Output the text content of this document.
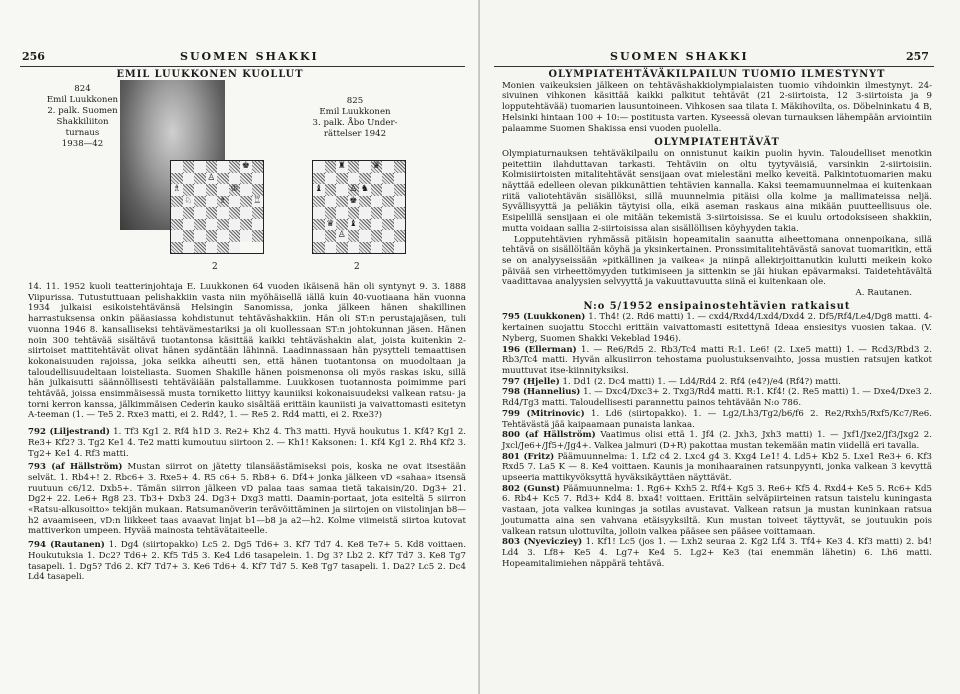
256	SUOMEN SHAKKI
EMIL LUUKKONEN KUOLLUT
824
Emil Luukkonen
2. palk. Suomen
Shakkiliiton turnaus
1938—42
825
Emil Luukkonen
3. palk. Åbo Under-
rättelser 1942
♚
♙
♗	♔
♘	♗	♖
♜	♛
♝	♙ ♞
♚
♛ ♝
♙
2	2

14. 11. 1952 kuoli teatterinjohtaja E. Luukkonen 64 vuoden ikäisenä hän oli syntynyt 9. 3. 1888 Viipurissa. Tutustuttuaan pelishakkiin vasta niin myöhäisellä iällä kuin 40-vuotiaana hän vuonna 1934 julkaisi esikoistehtävänsä Helsingin Sanomissa, jonka jälkeen hänen shakillinen harrastuksensa onkin pääasiassa kohdistunut tehtäväshakkiin. Hän oli ST:n perustajajäsen, tuli vuonna 1946 8. kansalliseksi tehtävämestariksi ja oli kuollessaan ST:n johtokunnan jäsen. Hänen noin 300 tehtävää sisältävä tuotantonsa käsittää kaikki tehtäväshakin alat, joista kuitenkin 2-siirtoiset mattitehtävät olivat hänen sydäntään lähinnä. Laadinnassaan hän pysytteli temaattisen kokonaisuuden rajoissa, joka seikka aiheutti sen, että hänen tuotantonsa on muodoltaan ja taloudellisuudeltaan loisteliasta. Suomen Shakille hänen poismenonsa oli myös raskas isku, sillä hän julkaisutti säännöllisesti tehtäväiään palstallamme. Luukkosen tuotannosta poimimme pari tehtävää, joissa ensimmäisessä musta torniketto liittyy kauniiksi kokonaisuudeksi valkean ratsu- ja torni kerron kanssa, jälkimmäisen Cederin kauko sisältää erittäin kauniisti ja vaivattomasti esitetyn A-teeman (1. — Te5 2. Rxe3 matti, ei 2. Rd4?, 1. — Re5 2. Rd4 matti, ei 2. Rxe3?)

792 (Liljestrand) 1. Tf3 Kg1 2. Rf4 h1D 3. Re2+ Kh2 4. Th3 matti. Hyvä houkutus 1. Kf4? Kg1 2. Re3+ Kf2? 3. Tg2 Ke1 4. Te2 matti kumoutuu siirtoon 2. — Kh1! Kaksonen: 1. Kf4 Kg1 2. Rh4 Kf2 3. Tg2+ Ke1 4. Rf3 matti.

793 (af Hällström) Mustan siirrot on jätetty tilansäästämiseksi pois, koska ne ovat itsestään selvät. 1. Rb4+! 2. Rbc6+ 3. Rxe5+ 4. R5 c6+ 5. Rb8+ 6. Df4+ jonka jälkeen vD «sahaa» itsensä ruutuun c6/12. Dxb5+. Tämän siirron jälkeen vD palaa taas samaa tietä takaisin/20. Dg3+ 21. Dg2+ 22. Le6+ Rg8 23. Tb3+ Dxb3 24. Dg3+ Dxg3 matti. Daamin-portaat, jota esiteltä 5 siirron «Ratsu-alkusoitto» tekijän mukaan. Ratsumanöverin terävöittäminen ja siirtojen on viistolinjan b8—h2 avaamiseen, vD:n liikkeet taas avaavat linjat b1—b8 ja a2—h2. Kolme viimeistä siirtoa kutovat mattiverkon umpeen. Hyvää mainosta tehtävätaiteelle.

794 (Rautanen) 1. Dg4 (siirtopakko) Lc5 2. Dg5 Td6+ 3. Kf7 Td7 4. Ke8 Te7+ 5. Kd8 voittaen. Houkutuksia 1. Dc2? Td6+ 2. Kf5 Td5 3. Ke4 Ld6 tasapelein. 1. Dg 3? Lb2 2. Kf7 Td7 3. Ke8 Tg7 tasapeli. 1. Dg5? Td6 2. Kf7 Td7+ 3. Ke6 Td6+ 4. Kf7 Td7 5. Ke8 Tg7 tasapeli. 1. Da2? Lc5 2. Dc4 Ld4 tasapeli.

SUOMEN SHAKKI	257

OLYMPIATEHTÄVÄKILPAILUN TUOMIO ILMESTYNYT

Monien vaikeuksien jälkeen on tehtäväshakkiolympialaisten tuomio vihdoinkin ilmestynyt. 24-sivuinen vihkonen käsittää kaikki palkitut tehtävät (21 2-siirtoista, 12 3-siirtoista ja 9 lopputehtävää) tuomarien lausuntoineen. Vihkosen saa tilata I. Mäkihovilta, os. Döbelninkatu 4 B, Helsinki hintaan 100 + 10:— postitusta varten. Kyseessä olevan turnauksen lähempään arviointiin palaamme Suomen Shakissa ensi vuoden puolella.

OLYMPIATEHTÄVÄT

Olympiaturnauksen tehtäväkilpailu on onnistunut kaikin puolin hyvin. Taloudelliset menotkin peitettiin ilahduttavan tarkasti. Tehtäviin on oltu tyytyväisiä, varsinkin 2-siirtoisiin. Kolmisiirtoisten mitalitehtävät sensijaan ovat mielestäni melko keveitä. Palkintotuomarien maku näyttää edelleen olevan pikkunättien tehtävien kannalla. Kaksi teemamuunnelmaa ei kuitenkaan riitä valiotehtävän sisällöksi, sillä muunnelmia pitäisi olla kolme ja mallimateissa neljä. Syvällisyyttä ja peliäkin täytyisi olla, eikä aseman raskaus aina mikään puutteellisuus ole. Esipelillä sensijaan ei ole mitään tekemistä 3-siirtoisissa. Se ei kuulu ortodoksiseen shakkiin, mutta voidaan sallia 2-siirtoisissa alan sisällöllisen köyhyyden takia.

Lopputehtävien ryhmässä pitäisin hopeamitalin saanutta aiheettomana onnenpoikana, sillä tehtävä on sisällöltään köyhä ja yksinkertainen. Pronssimitalitehtävästä sanovat tuomaritkin, että se on analyyseissään »pitkällinen ja vaikea« ja niinpä allekirjoittanutkin kulutti meikein koko päivää sen virheettömyyden tutkimiseen ja sittenkin se jäi hiukan epävarmaksi. Taidetehtävältä vaadittavaa analyysien selvyyttä ja vakuuttavuutta siinä ei kuitenkaan ole.

A. Rautanen.

N:o 5/1952 ensipainostehtävien ratkaisut

795 (Luukkonen) 1. Th4! (2. Rd6 matti) 1. — cxd4/Rxd4/Lxd4/Dxd4 2. Df5/Rf4/Le4/Dg8 matti. 4-kertainen suojattu Stocchi erittäin vaivattomasti esitettynä Ideaa ensiesitys vuosien takaa. (V. Nyberg, Suomen Shakki Vekeblad 1946).

196 (Ellerman) 1. — Re6/Rd5 2. Rb3/Tc4 matti R:1. Le6! (2. Lxe5 matti) 1. — Rcd3/Rbd3 2. Rb3/Tc4 matti. Hyvän alkusiirron tehostama puolustuksenvaihto, jossa mustien ratsujen katkot muuttuvat itse-kiinnityksiksi.

797 (Hjelle) 1. Dd1 (2. Dc4 matti) 1. — Ld4/Rd4 2. Rf4 (e4?)/e4 (Rf4?) matti.

798 (Hannelius) 1. — Dxc4/Dxc3+ 2. Txg3/Rd4 matti. R:1. Kf4! (2. Re5 matti) 1. — Dxe4/Dxe3 2. Rd4/Tg3 matti. Taloudellisesti parannettu painos tehtävään N:o 786.

799 (Mitrinovic) 1. Ld6 (siirtopakko). 1. — Lg2/Lh3/Tg2/b6/f6 2. Re2/Rxh5/Rxf5/Kc7/Re6. Tehtävästä jää kaipaamaan punaista lankaa.

800 (af Hällström) Vaatimus olisi että 1. Jf4 (2. Jxh3, Jxh3 matti) 1. — Jxf1/Jxe2/Jf3/Jxg2 2. Jxcl/Je6+/Jf5+/Jg4+. Valkea jalmuri (D+R) pakottaa mustan tekemään matin viidellä eri tavalla.

801 (Fritz) Päämuunnelma: 1. Lf2 c4 2. Lxc4 g4 3. Kxg4 Le1! 4. Ld5+ Kb2 5. Lxe1 Re3+ 6. Kf3 Rxd5 7. La5 K — 8. Ke4 voittaen. Kaunis ja monihaarainen ratsunpyynti, jonka valkean 3 kevyttä upseeria mattikyvöksyttä hyväksikäyttäen näyttävät.

802 (Gunst) Päämuunnelma: 1. Rg6+ Kxh5 2. Rf4+ Kg5 3. Re6+ Kf5 4. Rxd4+ Ke5 5. Rc6+ Kd5 6. Rb4+ Kc5 7. Rd3+ Kd4 8. bxa4! voittaen. Erittäin selväpiirteinen ratsun taistelu kuningasta vastaan, jota valkea kuningas ja sotilas avustavat. Valkean ratsun ja mustan kuninkaan ratsua joutumatta aina sen vahvana etäisyyksiltä. Kun mustan toiveet täyttyvät, se joutuukin pois valkean ratsun ulottuvilta, jolloin valkea pääsee sen pääsee voittamaan.

803 (Nyevicziey) 1. Kf1! Lc5 (jos 1. — Lxh2 seuraa 2. Kg2 Lf4 3. Tf4+ Ke3 4. Kf3 matti) 2. b4! Ld4 3. Lf8+ Ke5 4. Lg7+ Ke4 5. Lg2+ Ke3 (tai enemmän lähetin) 6. Lh6 matti. Hopeamitalimiehen näppärä tehtävä.
